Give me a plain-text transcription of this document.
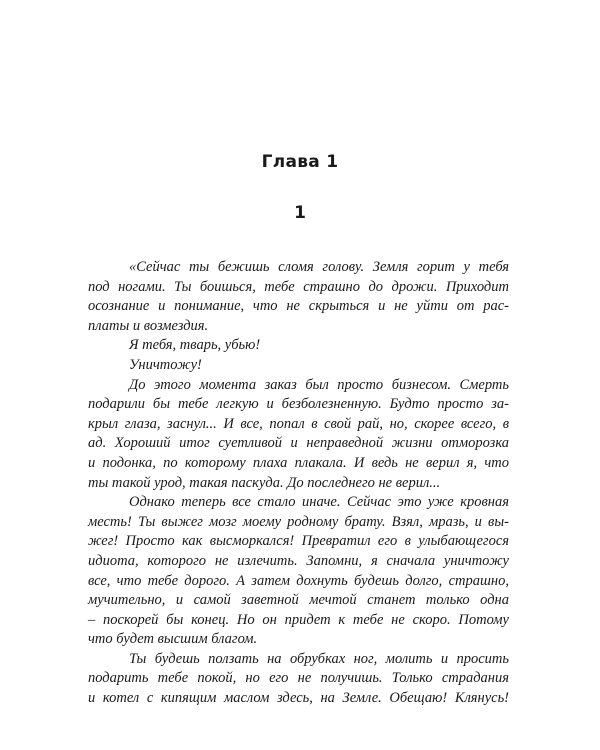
Глава 1
1
«Сейчас ты бежишь сломя голову. Земля горит у тебя
под ногами. Ты боишься, тебе страшно до дрожи. Приходит
осознание и понимание, что не скрыться и не уйти от рас-
платы и возмездия.
Я тебя, тварь, убью!
Уничтожу!
До этого момента заказ был просто бизнесом. Смерть
подарили бы тебе легкую и безболезненную. Будто просто за-
крыл глаза, заснул... И все, попал в свой рай, но, скорее всего, в
ад. Хороший итог суетливой и неправедной жизни отморозка
и подонка, по которому плаха плакала. И ведь не верил я, что
ты такой урод, такая паскуда. До последнего не верил...
Однако теперь все стало иначе. Сейчас это уже кровная
месть! Ты выжег мозг моему родному брату. Взял, мразь, и вы-
жег! Просто как высморкался! Превратил его в улыбающегося
идиота, которого не излечить. Запомни, я сначала уничтожу
все, что тебе дорого. А затем дохнуть будешь долго, страшно,
мучительно, и самой заветной мечтой станет только одна
– поскорей бы конец. Но он придет к тебе не скоро. Потому
что будет высшим благом.
Ты будешь ползать на обрубках ног, молить и просить
подарить тебе покой, но его не получишь. Только страдания
и котел с кипящим маслом здесь, на Земле. Обещаю! Клянусь!
